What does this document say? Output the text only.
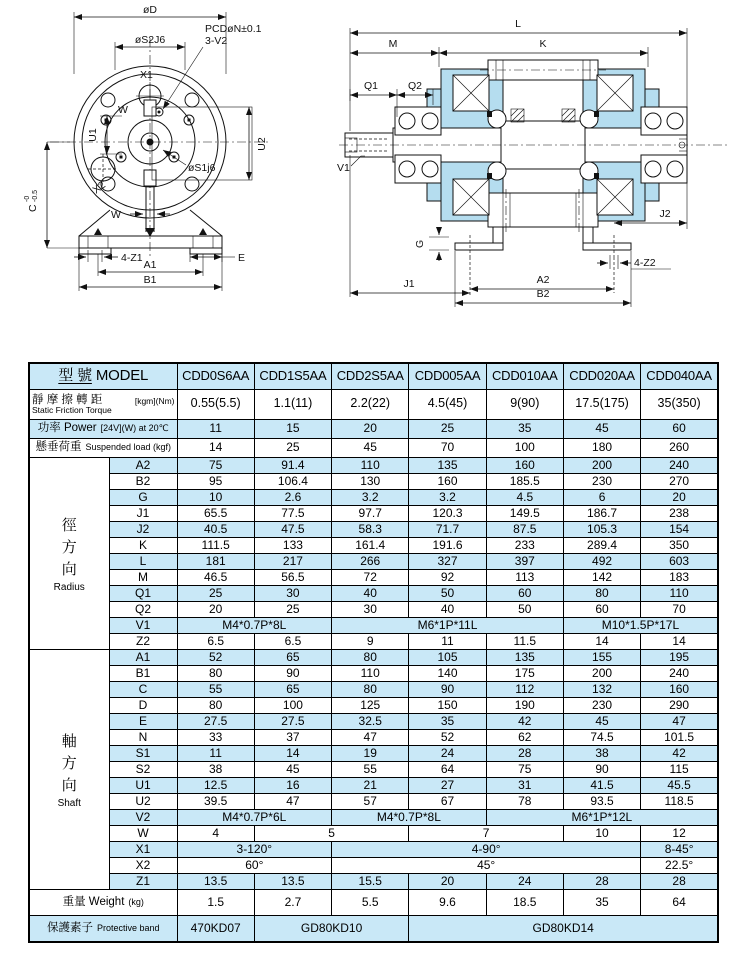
U2
U1
øD
øS2J6
PCDøN±0.1
3-V2
X1
W
øS1j6
X2
W
C
-0 -0.5
4-Z1	E
A1
B1
L
M	K
Q1	Q2
V1
G
J2
4-Z2
J1	A2
B2
型 號 MODEL		CDD0S6AA	CDD1S5AA	CDD2S5AA	CDD005AA	CDD010AA	CDD020AA	CDD040AA

靜 摩 擦 轉 距 [kgm](Nm)
Static Friction Torque		0.55(5.5)	1.1(11)	2.2(22)	4.5(45)	9(90)	17.5(175)	35(350)
功率 Power [24V](W) at 20℃		11	15	20	25	35	45	60
懸垂荷重 Suspended load (kgf)		14	25	45	70	100	180	260

徑
方
向
Radius	A2	75	91.4	110	135	160	200	240
	B2	95	106.4	130	160	185.5	230	270
	G	10	2.6	3.2	3.2	4.5	6	20
	J1	65.5	77.5	97.7	120.3	149.5	186.7	238
	J2	40.5	47.5	58.3	71.7	87.5	105.3	154
	K	111.5	133	161.4	191.6	233	289.4	350
	L	181	217	266	327	397	492	603
	M	46.5	56.5	72	92	113	142	183
	Q1	25	30	40	50	60	80	110
	Q2	20	25	30	40	50	60	70
	V1	M4*0.7P*8L		M6*1P*11L			M10*1.5P*17L	
	Z2	6.5	6.5	9	11	11.5	14	14

軸
方
向
Shaft	A1	52	65	80	105	135	155	195
	B1	80	90	110	140	175	200	240
	C	55	65	80	90	112	132	160
	D	80	100	125	150	190	230	290
	E	27.5	27.5	32.5	35	42	45	47
	N	33	37	47	52	62	74.5	101.5
	S1	11	14	19	24	28	38	42
	S2	38	45	55	64	75	90	115
	U1	12.5	16	21	27	31	41.5	45.5
	U2	39.5	47	57	67	78	93.5	118.5
	V2	M4*0.7P*6L		M4*0.7P*8L		M6*1P*12L		
	W	4	5		7		10	12
	X1	3-120°		4-90°				8-45°
	X2	60°		45°				22.5°
	Z1	13.5	13.5	15.5	20	24	28	28
重量 Weight (kg)		1.5	2.7	5.5	9.6	18.5	35	64
保護素子 Protective band		470KD07	GD80KD10		GD80KD14			
